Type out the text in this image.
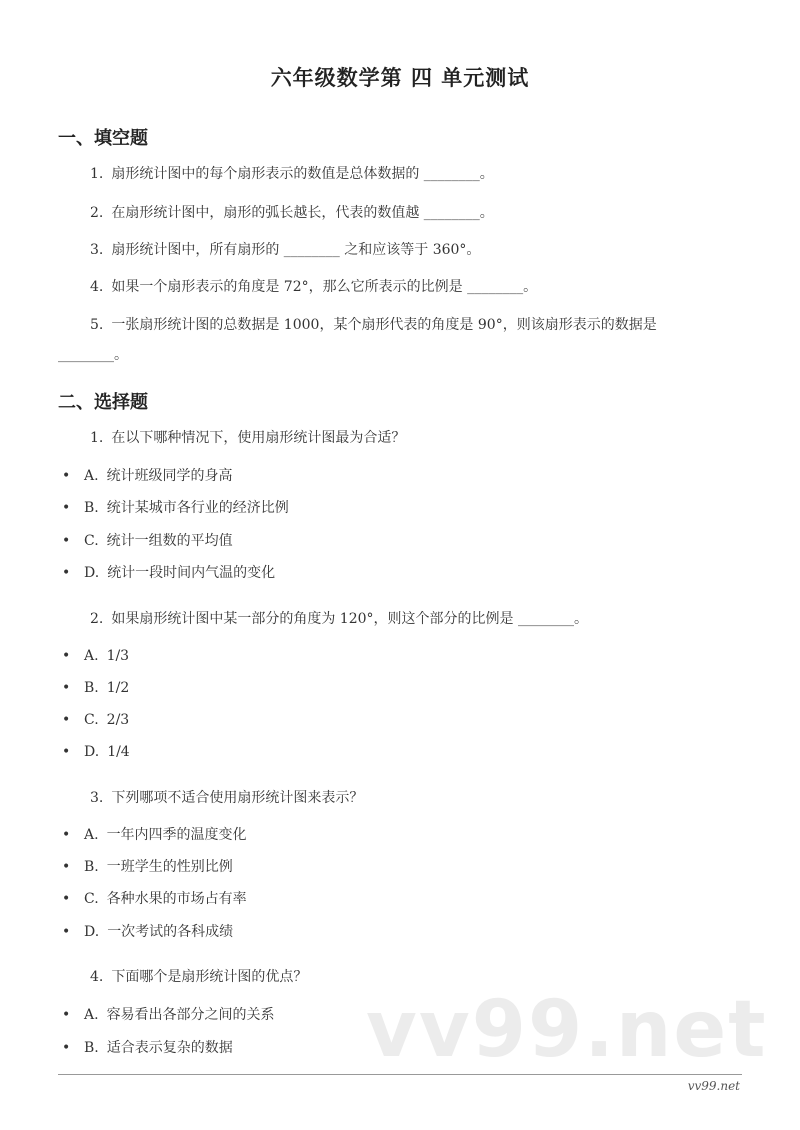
六年级数学第 四 单元测试
一、填空题
1. 扇形统计图中的每个扇形表示的数值是总体数据的 ________。
2. 在扇形统计图中，扇形的弧长越长，代表的数值越 ________。
3. 扇形统计图中，所有扇形的 ________ 之和应该等于 360°。
4. 如果一个扇形表示的角度是 72°，那么它所表示的比例是 ________。
5. 一张扇形统计图的总数据是 1000，某个扇形代表的角度是 90°，则该扇形表示的数据是 ________。
二、选择题
1. 在以下哪种情况下，使用扇形统计图最为合适？
• A. 统计班级同学的身高
• B. 统计某城市各行业的经济比例
• C. 统计一组数的平均值
• D. 统计一段时间内气温的变化
2. 如果扇形统计图中某一部分的角度为 120°，则这个部分的比例是 ________。
• A. 1/3
• B. 1/2
• C. 2/3
• D. 1/4
3. 下列哪项不适合使用扇形统计图来表示？
• A. 一年内四季的温度变化
• B. 一班学生的性别比例
• C. 各种水果的市场占有率
• D. 一次考试的各科成绩
4. 下面哪个是扇形统计图的优点？
• A. 容易看出各部分之间的关系
• B. 适合表示复杂的数据 vv99.net
vv99.net
